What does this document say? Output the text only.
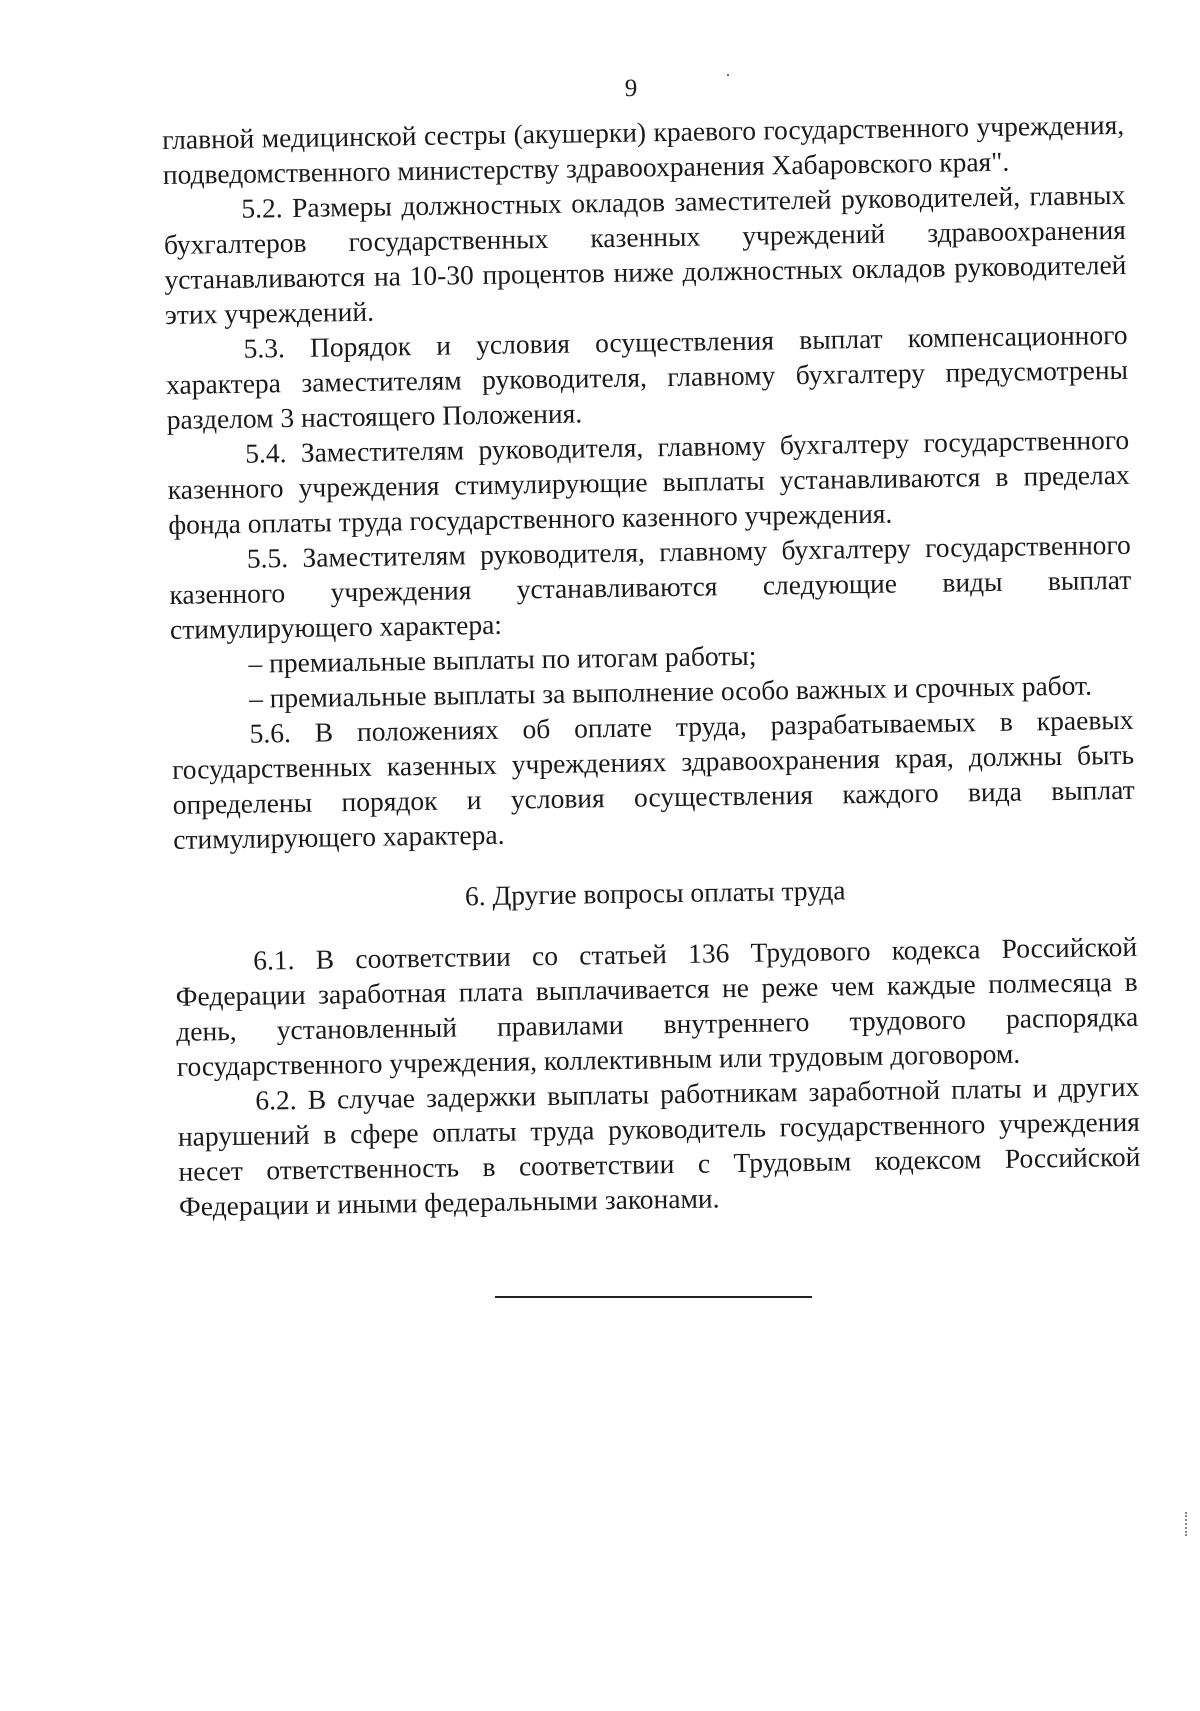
9

главной медицинской сестры (акушерки) краевого государственного учреждения, подведомственного министерству здравоохранения Хабаровского края".

5.2. Размеры должностных окладов заместителей руководителей, главных бухгалтеров государственных казенных учреждений здравоохранения устанавливаются на 10-30 процентов ниже должностных окладов руководителей этих учреждений.

5.3. Порядок и условия осуществления выплат компенсационного характера заместителям руководителя, главному бухгалтеру предусмотрены разделом 3 настоящего Положения.

5.4. Заместителям руководителя, главному бухгалтеру государственного казенного учреждения стимулирующие выплаты устанавливаются в пределах фонда оплаты труда государственного казенного учреждения.

5.5. Заместителям руководителя, главному бухгалтеру государственного казенного учреждения устанавливаются следующие виды выплат стимулирующего характера:

– премиальные выплаты по итогам работы;

– премиальные выплаты за выполнение особо важных и срочных работ.

5.6. В положениях об оплате труда, разрабатываемых в краевых государственных казенных учреждениях здравоохранения края, должны быть определены порядок и условия осуществления каждого вида выплат стимулирующего характера.

6. Другие вопросы оплаты труда

6.1. В соответствии со статьей 136 Трудового кодекса Российской Федерации заработная плата выплачивается не реже чем каждые полмесяца в день, установленный правилами внутреннего трудового распорядка государственного учреждения, коллективным или трудовым договором.

6.2. В случае задержки выплаты работникам заработной платы и других нарушений в сфере оплаты труда руководитель государственного учреждения несет ответственность в соответствии с Трудовым кодексом Российской Федерации и иными федеральными законами.
